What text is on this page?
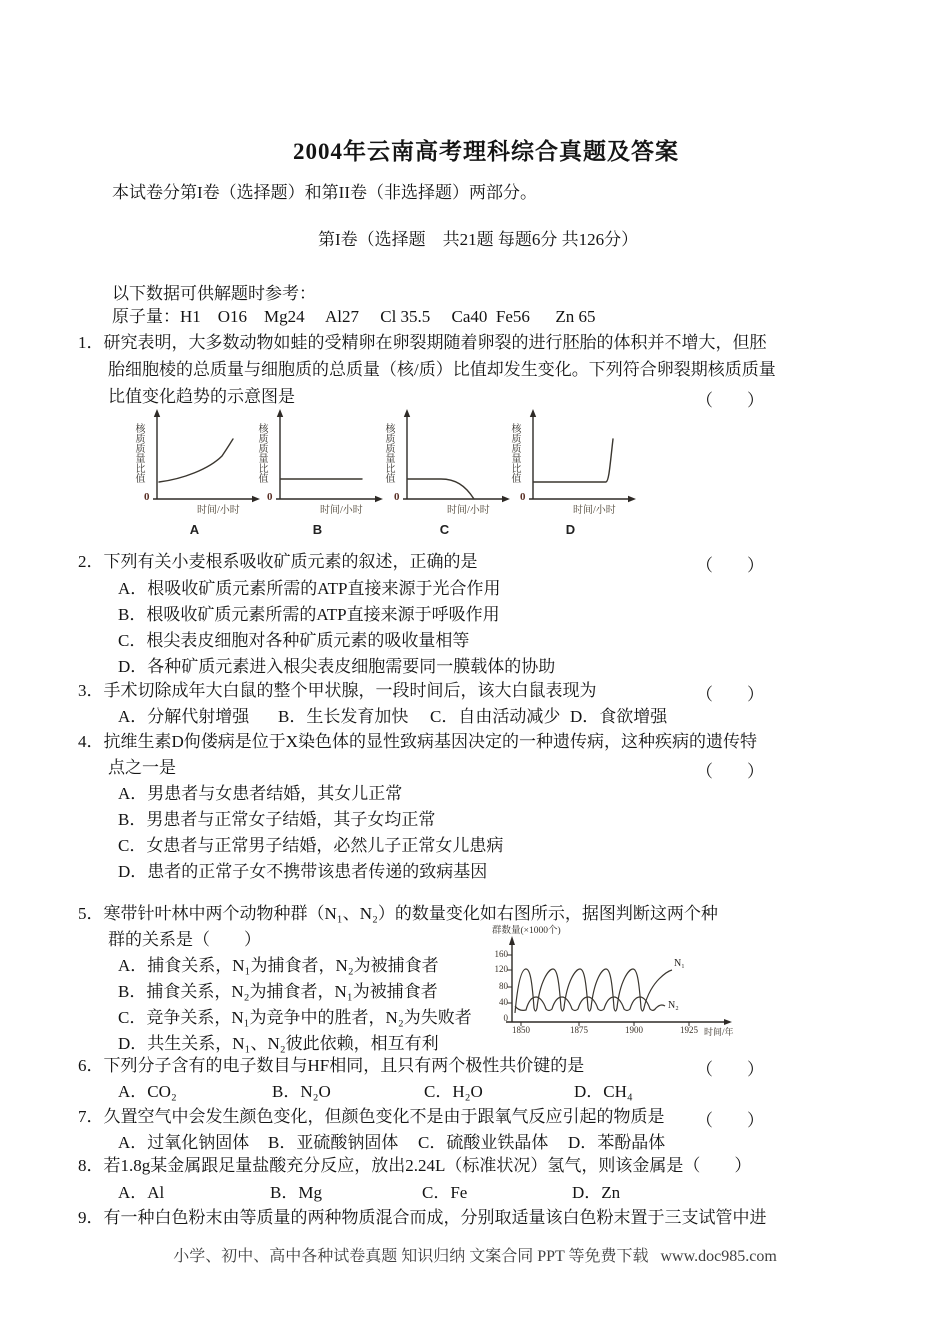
2004年云南高考理科综合真题及答案
本试卷分第I卷（选择题）和第II卷（非选择题）两部分。
第I卷（选择题　共21题 每题6分 共126分）
以下数据可供解题时参考：
原子量：H1    O16    Mg24     Al27     Cl 35.5     Ca40  Fe56      Zn 65
1．研究表明，大多数动物如蛙的受精卵在卵裂期随着卵裂的进行胚胎的体积并不增大，但胚
胎细胞棱的总质量与细胞质的总质量（核/质）比值却发生变化。下列符合卵裂期核质质量
比值变化趋势的示意图是	（　　）
核质质量比值
0
时间/小时
A
核质质量比值
0
时间/小时
B
核质质量比值
0
时间/小时
C
核质质量比值
0
时间/小时
D
2．下列有关小麦根系吸收矿质元素的叙述，正确的是	（　　）
A．根吸收矿质元素所需的ATP直接来源于光合作用
B．根吸收矿质元素所需的ATP直接来源于呼吸作用
C．根尖表皮细胞对各种矿质元素的吸收量相等
D．各种矿质元素进入根尖表皮细胞需要同一膜载体的协助
3．手术切除成年大白鼠的整个甲状腺，一段时间后，该大白鼠表现为	（　　）
A．分解代射增强 B．生长发育加快 C．自由活动减少 D．食欲增强
4．抗维生素D佝偻病是位于X染色体的显性致病基因决定的一种遗传病，这种疾病的遗传特
点之一是	（　　）
A．男患者与女患者结婚，其女儿正常
B．男患者与正常女子结婚，其子女均正常
C．女患者与正常男子结婚，必然儿子正常女儿患病
D．患者的正常子女不携带该患者传递的致病基因
5．寒带针叶林中两个动物种群（N₁、N₂）的数量变化如右图所示，据图判断这两个种
群的关系是（　　）
A．捕食关系，N₁为捕食者，N₂为被捕食者
B．捕食关系，N₂为捕食者，N₁为被捕食者
C．竞争关系，N₁为竞争中的胜者，N₂为失败者
D．共生关系，N₁、N₂彼此依赖，相互有利
群数量(×1000个)
160
120
80
40
0
1850	1875	1900	1925 时间/年
N₁
N₂
6．下列分子含有的电子数目与HF相同，且只有两个极性共价键的是	（　　）
A．CO₂	B．N₂O	C．H₂O	D．CH₄
7．久置空气中会发生颜色变化，但颜色变化不是由于跟氧气反应引起的物质是 （　　）
A．过氧化钠固体 B．亚硫酸钠固体 C．硫酸业铁晶体 D．苯酚晶体
8．若1.8g某金属跟足量盐酸充分反应，放出2.24L（标准状况）氢气，则该金属是（　　）
A．Al	B．Mg	C．Fe	D．Zn
9．有一种白色粉末由等质量的两种物质混合而成，分别取适量该白色粉末置于三支试管中进
小学、初中、高中各种试卷真题 知识归纳 文案合同 PPT 等免费下载   www.doc985.com
